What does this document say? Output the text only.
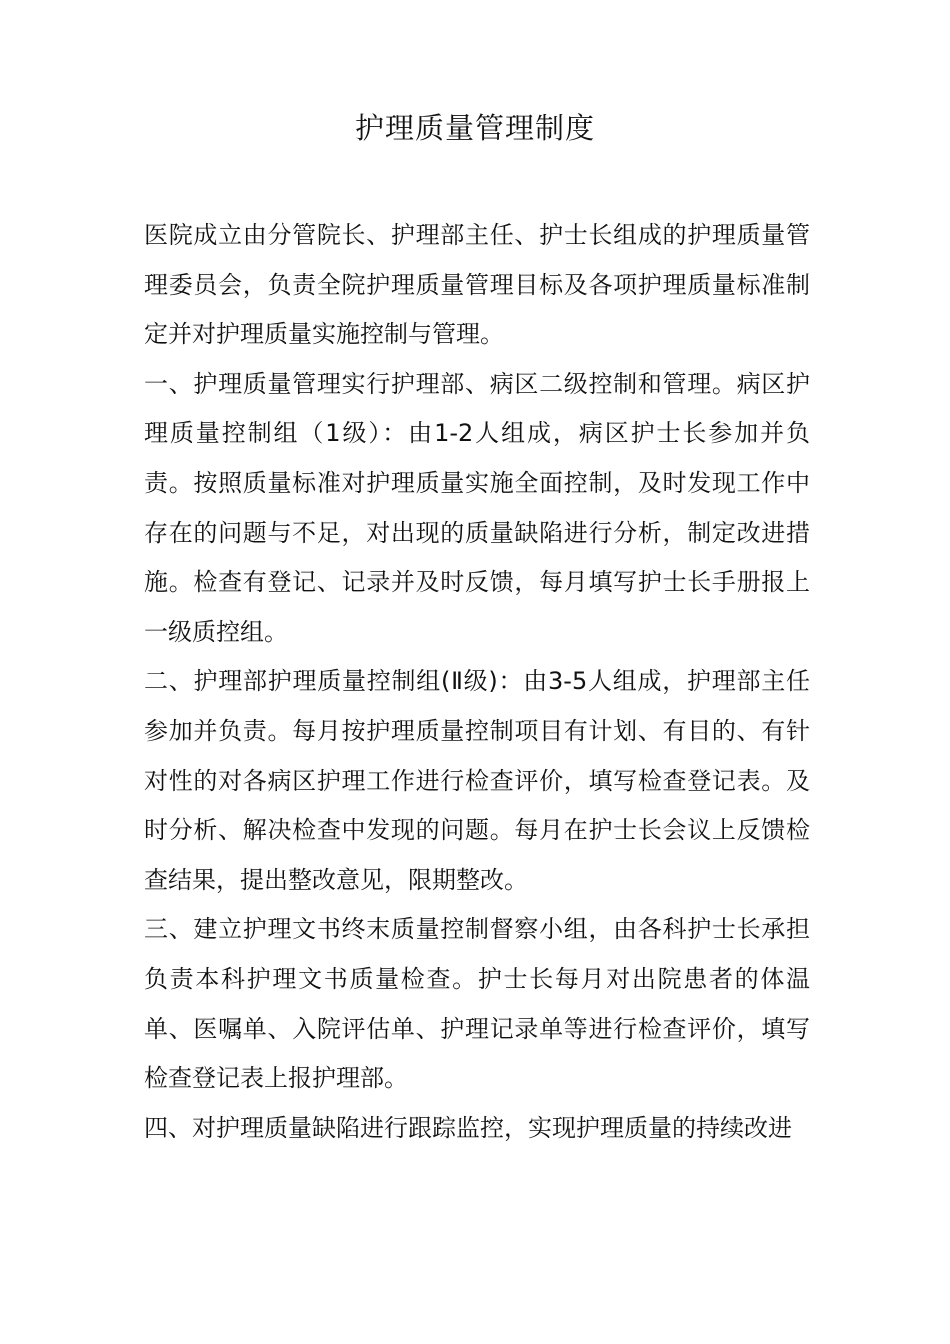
护理质量管理制度

医院成立由分管院长、护理部主任、护士长组成的护理质量管理委员会，负责全院护理质量管理目标及各项护理质量标准制定并对护理质量实施控制与管理。

一、护理质量管理实行护理部、病区二级控制和管理。病区护理质量控制组（1级）：由1-2人组成，病区护士长参加并负责。按照质量标准对护理质量实施全面控制，及时发现工作中存在的问题与不足，对出现的质量缺陷进行分析，制定改进措施。检查有登记、记录并及时反馈，每月填写护士长手册报上一级质控组。

二、护理部护理质量控制组(Ⅱ级)：由3-5人组成，护理部主任参加并负责。每月按护理质量控制项目有计划、有目的、有针对性的对各病区护理工作进行检查评价，填写检查登记表。及时分析、解决检查中发现的问题。每月在护士长会议上反馈检查结果，提出整改意见，限期整改。

三、建立护理文书终末质量控制督察小组，由各科护士长承担负责本科护理文书质量检查。护士长每月对出院患者的体温单、医嘱单、入院评估单、护理记录单等进行检查评价，填写检查登记表上报护理部。

四、对护理质量缺陷进行跟踪监控，实现护理质量的持续改进
